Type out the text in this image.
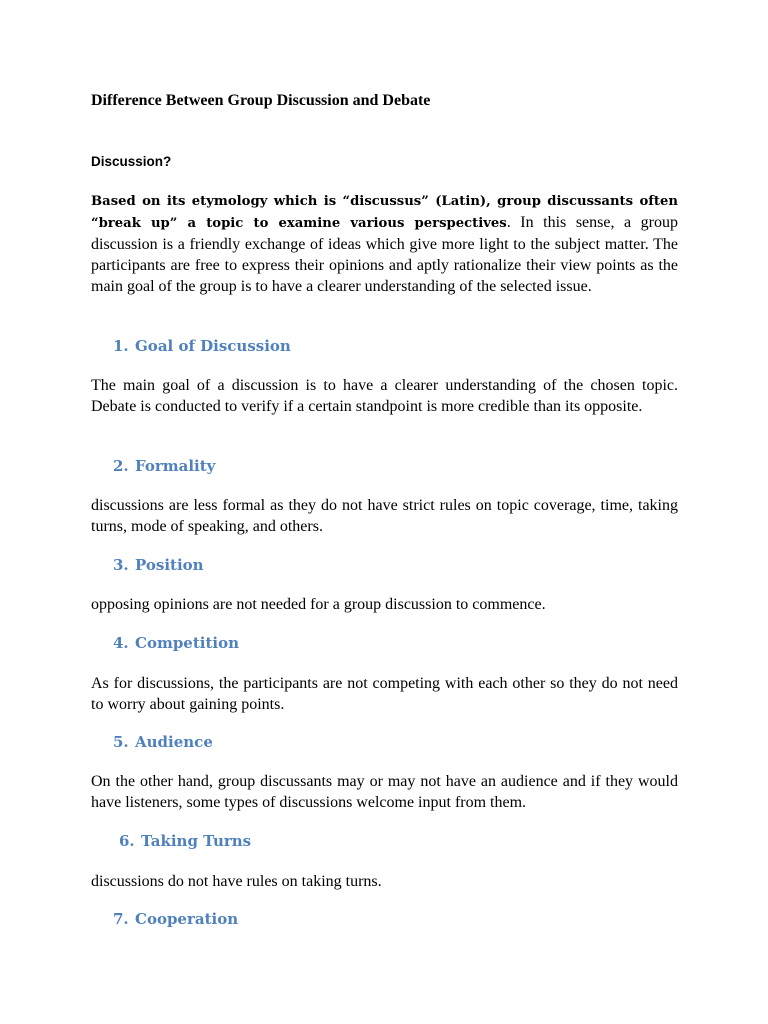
Difference Between Group Discussion and Debate
Discussion?

Based on its etymology which is “discussus” (Latin), group discussants often “break up” a topic to examine various perspectives. In this sense, a group discussion is a friendly exchange of ideas which give more light to the subject matter. The participants are free to express their opinions and aptly rationalize their view points as the main goal of the group is to have a clearer understanding of the selected issue.

1. Goal of Discussion

The main goal of a discussion is to have a clearer understanding of the chosen topic. Debate is conducted to verify if a certain standpoint is more credible than its opposite.

2. Formality

discussions are less formal as they do not have strict rules on topic coverage, time, taking turns, mode of speaking, and others.

3. Position

opposing opinions are not needed for a group discussion to commence.

4. Competition

As for discussions, the participants are not competing with each other so they do not need to worry about gaining points.

5. Audience

On the other hand, group discussants may or may not have an audience and if they would have listeners, some types of discussions welcome input from them.

6. Taking Turns

discussions do not have rules on taking turns.

7. Cooperation
